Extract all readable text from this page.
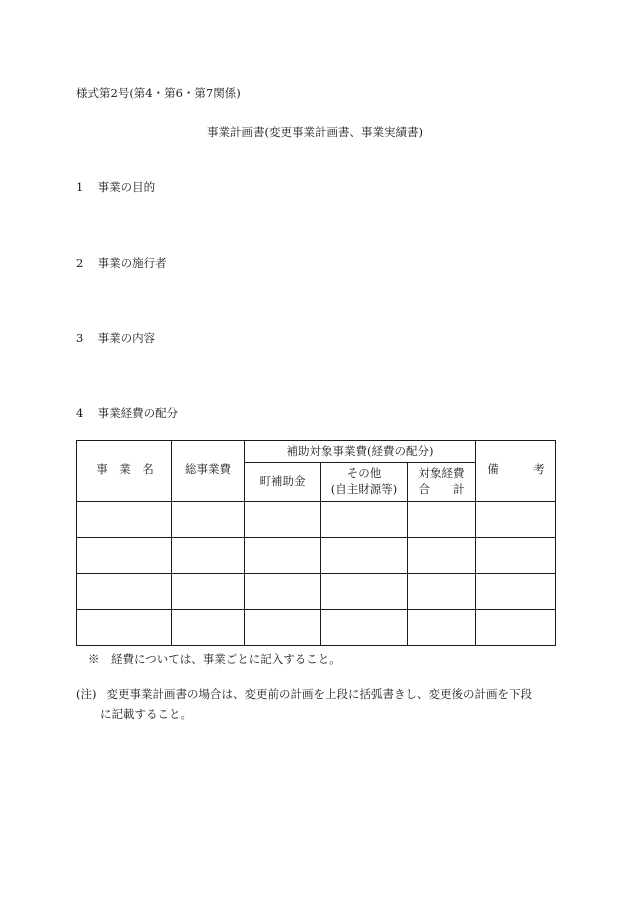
様式第2号(第4・第6・第7関係)
事業計画書(変更事業計画書、事業実績書)
1 事業の目的
2 事業の施行者
3 事業の内容
4 事業経費の配分
事　業　名	総事業費
補助対象事業費(経費の配分)
町補助金
その他
(自主財源等)
対象経費
合　　計
備　　　考
※　経費については、事業ごとに記入すること。
(注) 変更事業計画書の場合は、変更前の計画を上段に括弧書きし、変更後の計画を下段
に記載すること。
